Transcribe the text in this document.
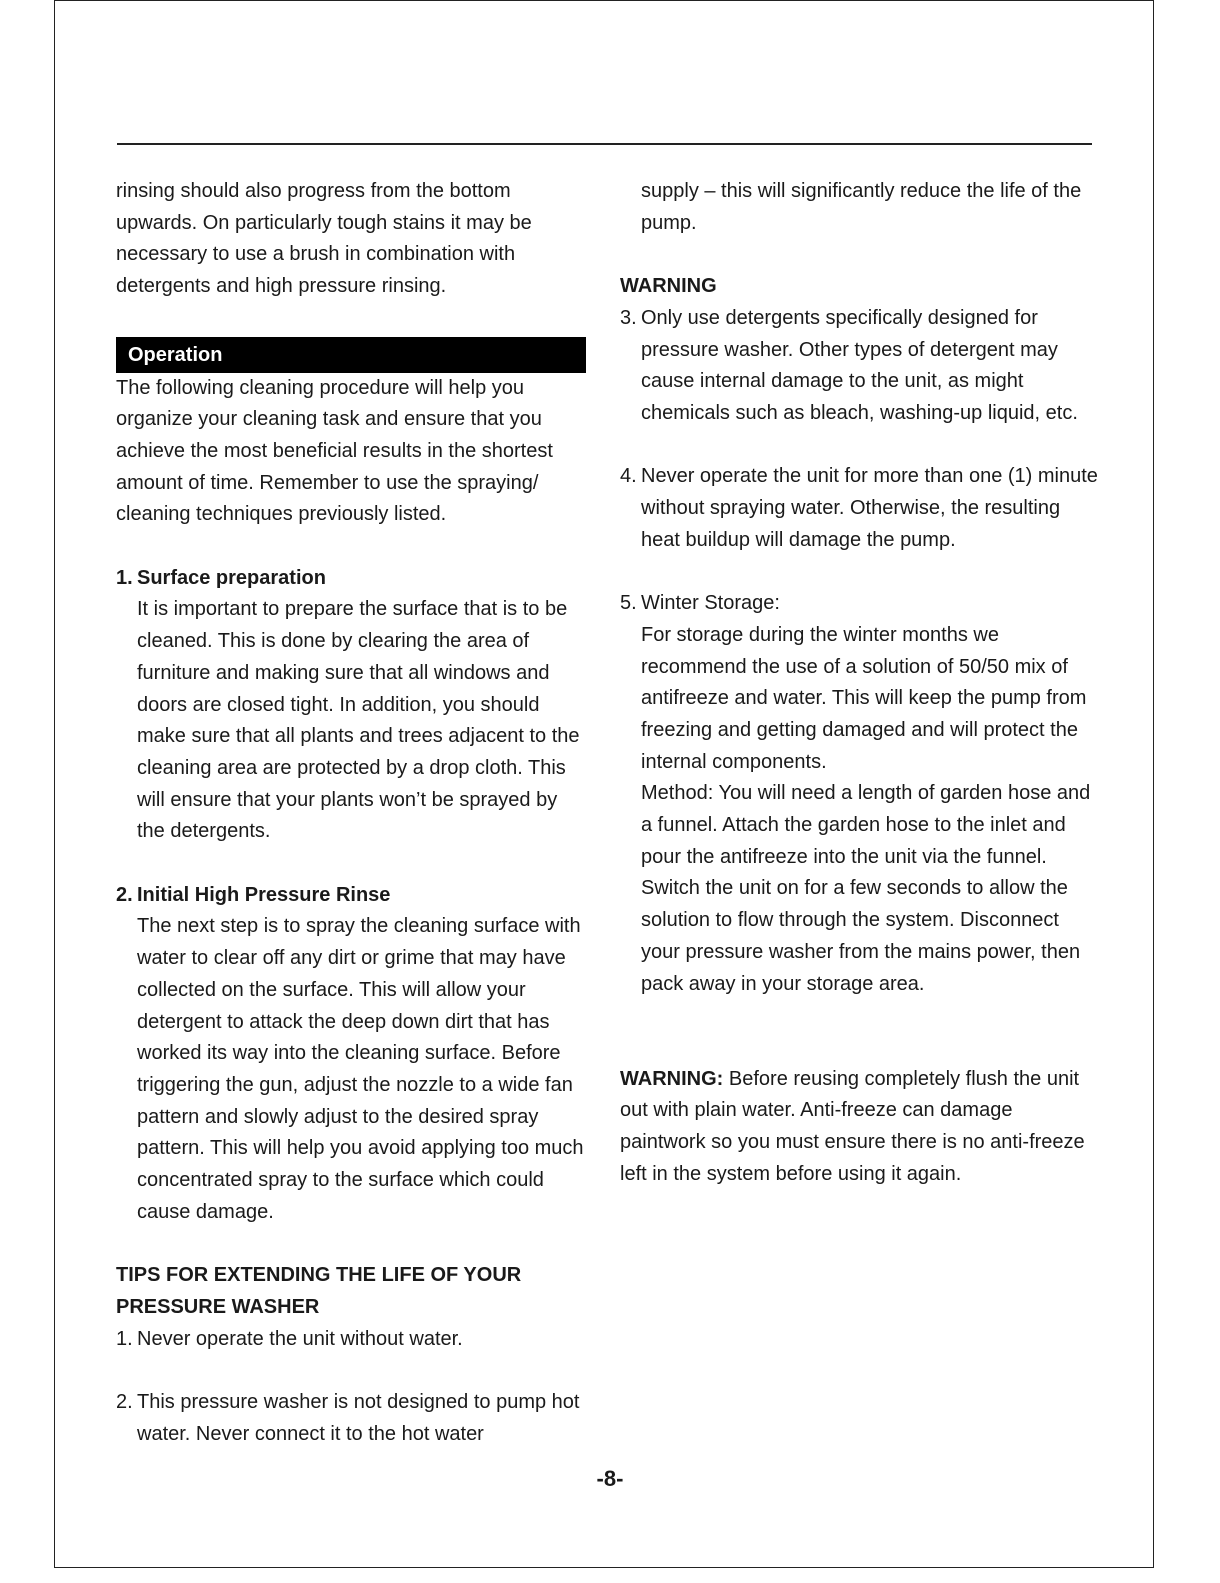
rinsing should also progress from the bottom upwards. On particularly tough stains it may be necessary to use a brush in combination with detergents and high pressure rinsing.

Operation

The following cleaning procedure will help you organize your cleaning task and ensure that you achieve the most beneficial results in the shortest amount of time. Remember to use the spraying/ cleaning techniques previously listed.

1. Surface preparation

It is important to prepare the surface that is to be cleaned. This is done by clearing the area of furniture and making sure that all windows and doors are closed tight. In addition, you should make sure that all plants and trees adjacent to the cleaning area are protected by a drop cloth. This will ensure that your plants won’t be sprayed by the detergents.

2. Initial High Pressure Rinse

The next step is to spray the cleaning surface with water to clear off any dirt or grime that may have collected on the surface. This will allow your detergent to attack the deep down dirt that has worked its way into the cleaning surface. Before triggering the gun, adjust the nozzle to a wide fan pattern and slowly adjust to the desired spray pattern. This will help you avoid applying too much concentrated spray to the surface which could cause damage.

TIPS FOR EXTENDING THE LIFE OF YOUR PRESSURE WASHER

1. Never operate the unit without water.
2. This pressure washer is not designed to pump hot water. Never connect it to the hot water

supply – this will significantly reduce the life of the pump.

WARNING

3. Only use detergents specifically designed for pressure washer. Other types of detergent may cause internal damage to the unit, as might chemicals such as bleach, washing-up liquid, etc.
4. Never operate the unit for more than one (1) minute without spraying water. Otherwise, the resulting heat buildup will damage the pump.
5. Winter Storage:

For storage during the winter months we recommend the use of a solution of 50/50 mix of antifreeze and water. This will keep the pump from freezing and getting damaged and will protect the internal components.

Method: You will need a length of garden hose and a funnel. Attach the garden hose to the inlet and pour the antifreeze into the unit via the funnel.

Switch the unit on for a few seconds to allow the solution to flow through the system. Disconnect your pressure washer from the mains power, then pack away in your storage area.

WARNING: Before reusing completely flush the unit out with plain water. Anti-freeze can damage paintwork so you must ensure there is no anti-freeze left in the system before using it again.

-8-
